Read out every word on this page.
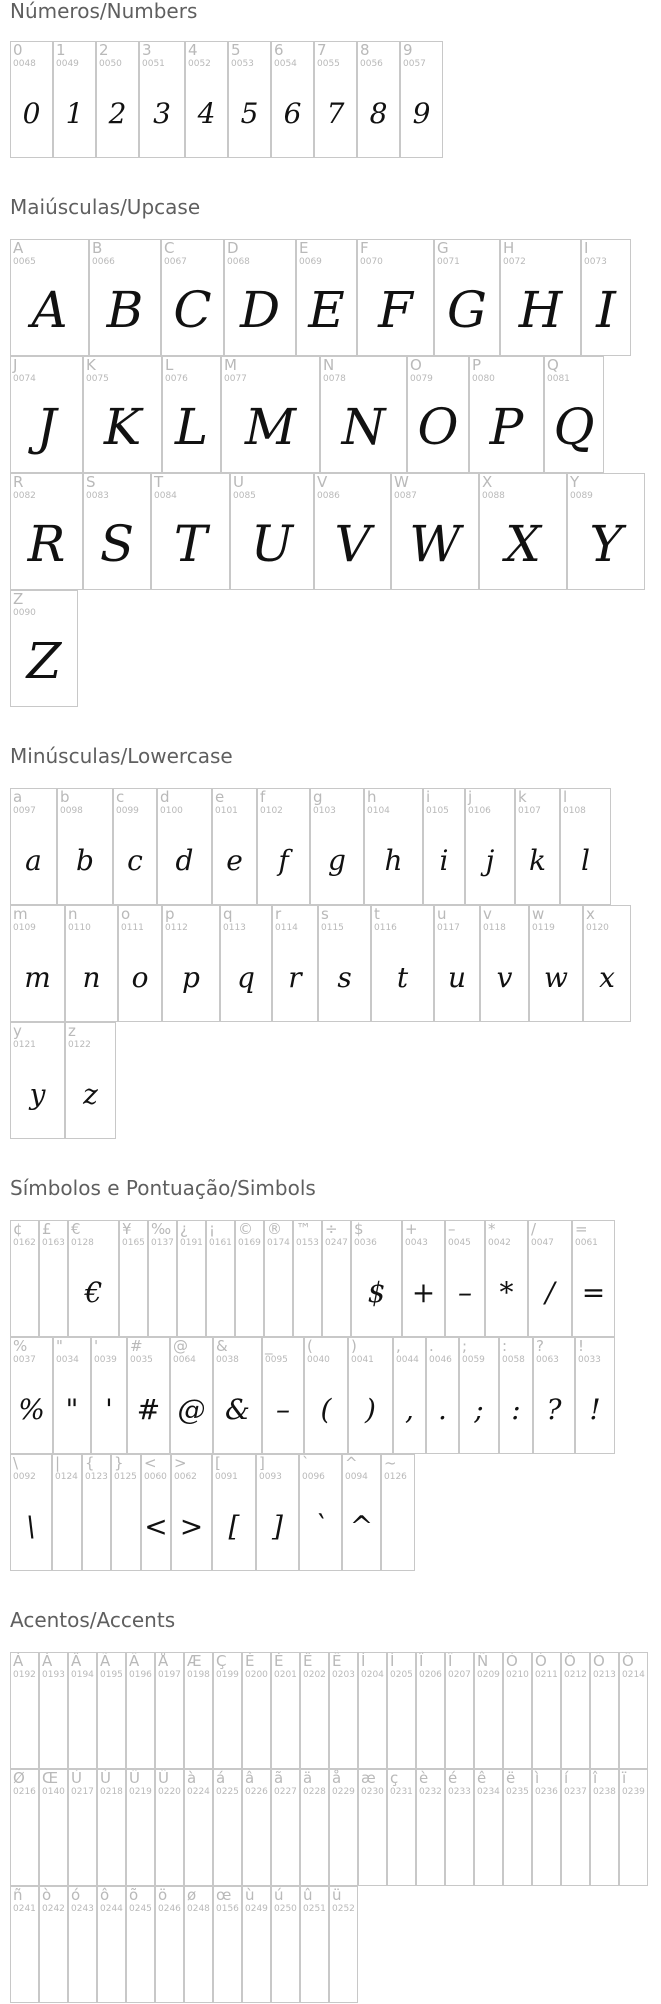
Números/Numbers
Maiúsculas/Upcase
Minúsculas/Lowercase
Símbolos e Pontuação/Simbols
Acentos/Accents
0
0048
0
1
0049
1
2
0050
2
3
0051
3
4
0052
4
5
0053
5
6
0054
6
7
0055
7
8
0056
8
9
0057
9
A
0065
A
B
0066
B
C
0067
C
D
0068
D
E
0069
E
F
0070
F
G
0071
G
H
0072
H
I
0073
I
J
0074
J
K
0075
K
L
0076
L
M
0077
M
N
0078
N
O
0079
O
P
0080
P
Q
0081
Q
R
0082
R
S
0083
S
T
0084
T
U
0085
U
V
0086
V
W
0087
W
X
0088
X
Y
0089
Y
Z
0090
Z
a
0097
a
b
0098
b
c
0099
c
d
0100
d
e
0101
e
f
0102
f
g
0103
g
h
0104
h
i
0105
i
j
0106
j
k
0107
k
l
0108
l
m
0109
m
n
0110
n
o
0111
o
p
0112
p
q
0113
q
r
0114
r
s
0115
s
t
0116
t
u
0117
u
v
0118
v
w
0119
w
x
0120
x
y
0121
y
z
0122
z
¢
0162
£
0163
€
0128
€
¥
0165
‰
0137
¿
0191
¡
0161
©
0169
®
0174
™
0153
÷
0247
$
0036
$
+
0043
+
–
0045
–
*
0042
*
/
0047
/
=
0061
=
%
0037
%
"
0034
"
'
0039
'
#
0035
#
@
0064
@
&
0038
&
_
0095
–
(
0040
(
)
0041
)
,
0044
,
.
0046
.
;
0059
;
:
0058
:
?
0063
?
!
0033
!
\
0092
\
|
0124
{
0123
}
0125
<
0060
<
>
0062
>
[
0091
[
]
0093
]
`
0096
`
^
0094
^
~
0126
À
0192
Á
0193
Â
0194
Ã
0195
Ä
0196
Å
0197
Æ
0198
Ç
0199
È
0200
É
0201
Ê
0202
Ë
0203
Ì
0204
Í
0205
Î
0206
Ï
0207
Ñ
0209
Ò
0210
Ó
0211
Ô
0212
Õ
0213
Ö
0214
Ø
0216
Œ
0140
Ù
0217
Ú
0218
Û
0219
Ü
0220
à
0224
á
0225
â
0226
ã
0227
ä
0228
å
0229
æ
0230
ç
0231
è
0232
é
0233
ê
0234
ë
0235
ì
0236
í
0237
î
0238
ï
0239
ñ
0241
ò
0242
ó
0243
ô
0244
õ
0245
ö
0246
ø
0248
œ
0156
ù
0249
ú
0250
û
0251
ü
0252
